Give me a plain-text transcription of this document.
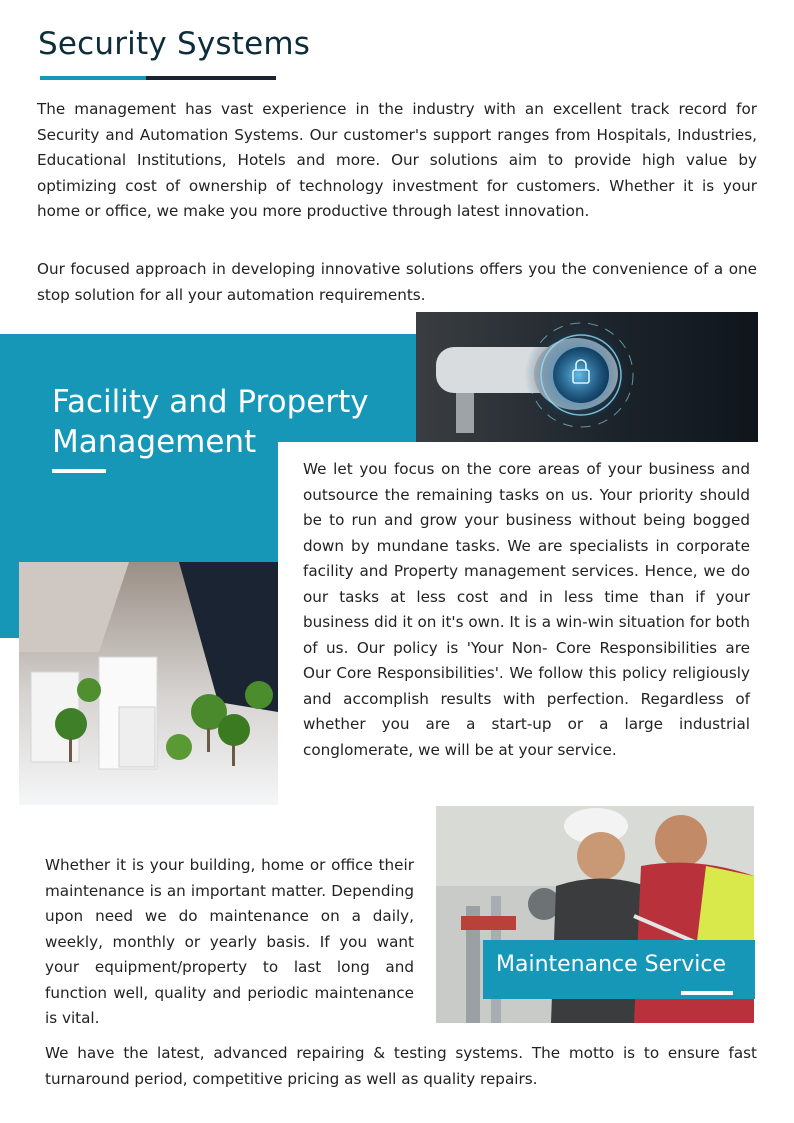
Security Systems

The management has vast experience in the industry with an excellent track record for Security and Automation Systems. Our customer's support ranges from Hospitals, Industries, Educational Institutions, Hotels and more. Our solutions aim to provide high value by optimizing cost of ownership of technology investment for customers. Whether it is your home or office, we make you more productive through latest innovation.

Our focused approach in developing innovative solutions offers you the convenience of a one stop solution for all your automation requirements.

Facility and Property Management

We let you focus on the core areas of your business and outsource the remaining tasks on us. Your priority should be to run and grow your business without being bogged down by mundane tasks. We are specialists in corporate facility and Property management services. Hence, we do our tasks at less cost and in less time than if your business did it on it's own. It is a win-win situation for both of us. Our policy is 'Your Non- Core Responsibilities are Our Core Responsibilities'. We follow this policy religiously and accomplish results with perfection. Regardless of whether you are a start-up or a large industrial conglomerate, we will be at your service.

Whether it is your building, home or office their maintenance is an important matter. Depending upon need we do maintenance on a daily, weekly, monthly or yearly basis. If you want your equipment/property to last long and function well, quality and periodic maintenance is vital.

Maintenance Service

We have the latest, advanced repairing & testing systems. The motto is to ensure fast turnaround period, competitive pricing as well as quality repairs.
